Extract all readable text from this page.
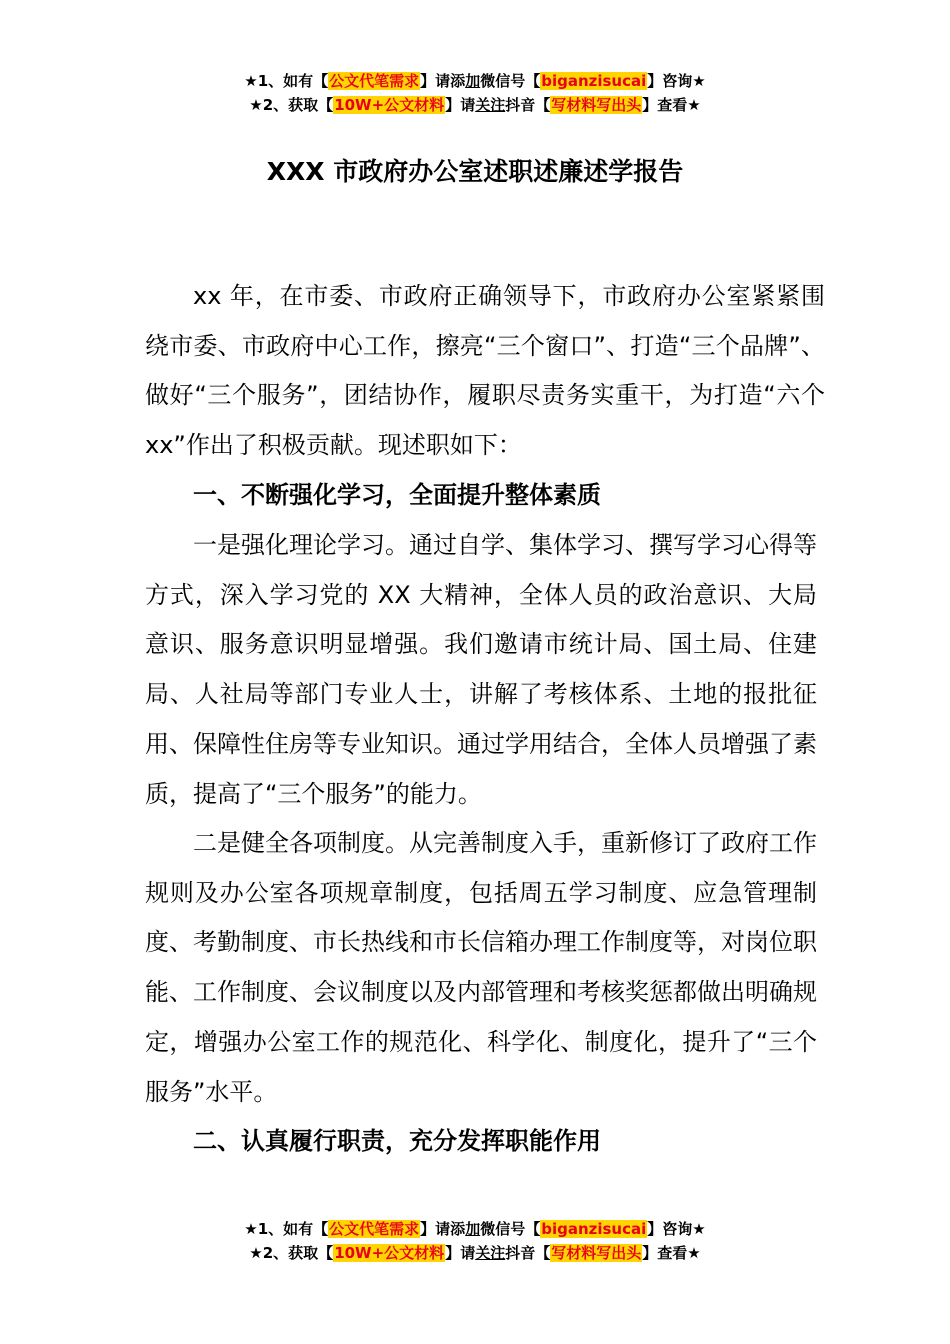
★1、如有【公文代笔需求】请添加微信号【biganzisucai】咨询★
★2、获取【10W+公文材料】请关注抖音【写材料写出头】查看★
XXX 市政府办公室述职述廉述学报告

xx 年，在市委、市政府正确领导下，市政府办公室紧紧围绕市委、市政府中心工作，擦亮“三个窗口”、打造“三个品牌”、做好“三个服务”，团结协作，履职尽责务实重干，为打造“六个 xx”作出了积极贡献。现述职如下：

一、不断强化学习，全面提升整体素质

一是强化理论学习。通过自学、集体学习、撰写学习心得等方式，深入学习党的 XX 大精神，全体人员的政治意识、大局意识、服务意识明显增强。我们邀请市统计局、国土局、住建局、人社局等部门专业人士，讲解了考核体系、土地的报批征用、保障性住房等专业知识。通过学用结合，全体人员增强了素质，提高了“三个服务”的能力。

二是健全各项制度。从完善制度入手，重新修订了政府工作规则及办公室各项规章制度，包括周五学习制度、应急管理制度、考勤制度、市长热线和市长信箱办理工作制度等，对岗位职能、工作制度、会议制度以及内部管理和考核奖惩都做出明确规定，增强办公室工作的规范化、科学化、制度化，提升了“三个服务”水平。

二、认真履行职责，充分发挥职能作用

★1、如有【公文代笔需求】请添加微信号【biganzisucai】咨询★
★2、获取【10W+公文材料】请关注抖音【写材料写出头】查看★
